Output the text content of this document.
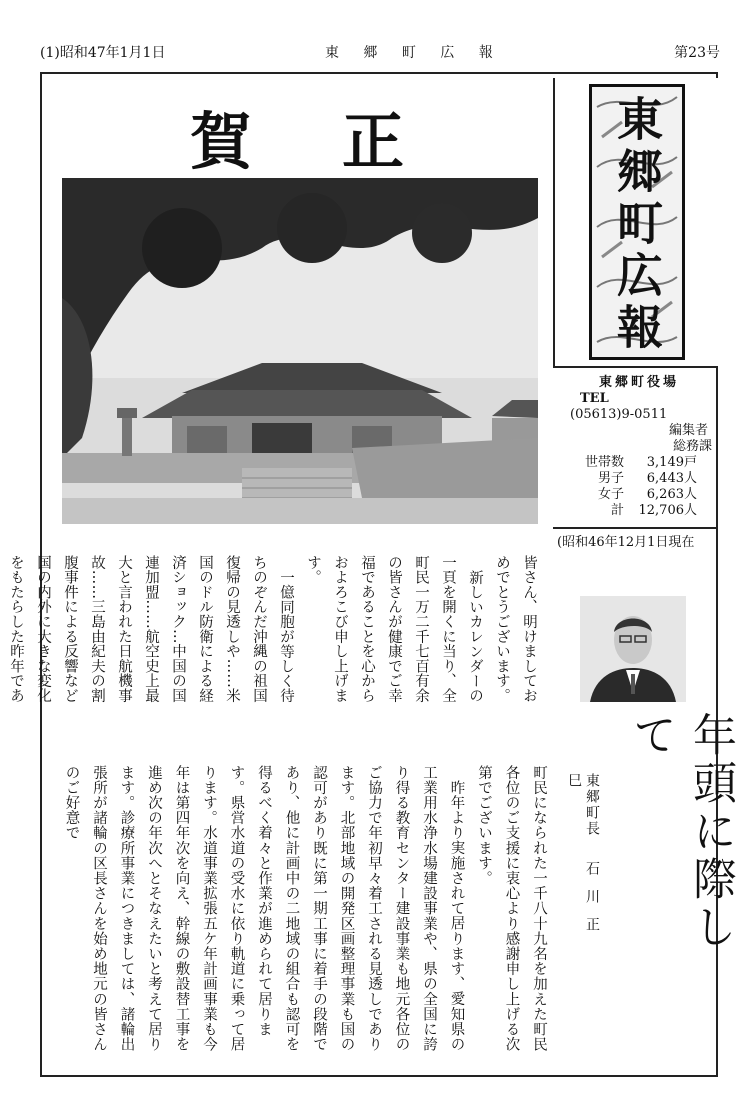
(1)昭和47年1月1日	東 郷 町 広 報	第23号
賀正	東郷町広報
東郷町役場
TEL
(05613)9-0511
編集者
総務課
世帯数	3,149 戸
男子	6,443 人
女子	6,263 人
計	12,706 人
(昭和46年12月1日現在
年頭に際して
東郷町長 石川正巳

皆さん、明けましておめでとうございます。

新しいカレンダーの一頁を開くに当り、全町民一万二千七百有余の皆さんが健康でご幸福であることを心からおよろこび申し上げます。

一億同胞が等しく待ちのぞんだ沖縄の祖国復帰の見透しや……米国のドル防衛による経済ショック…中国の国連加盟……航空史上最大と言われた日航機事故……三島由紀夫の割腹事件による反響など国の内外に大きな変化をもたらした昨年であ

町民になられた一千八十九名を加えた町民各位のご支援に衷心より感謝申し上げる次第でございます。

昨年より実施されて居ります、愛知県の工業用水浄水場建設事業や、県の全国に誇り得る教育センター建設事業も地元各位のご協力で年初早々着工される見透しであります。北部地域の開発区画整理事業も国の認可があり既に第一期工事に着手の段階であり、他に計画中の二地域の組合も認可を得るべく着々と作業が進められて居ります。県営水道の受水に依り軌道に乗って居ります。水道事業拡張五ケ年計画事業も今年は第四年次を向え、幹線の敷設替工事を進め次の年次へとそなえたいと考えて居ります。診療所事業につきましては、諸輪出張所が諸輪の区長さんを始め地元の皆さんのご好意で
